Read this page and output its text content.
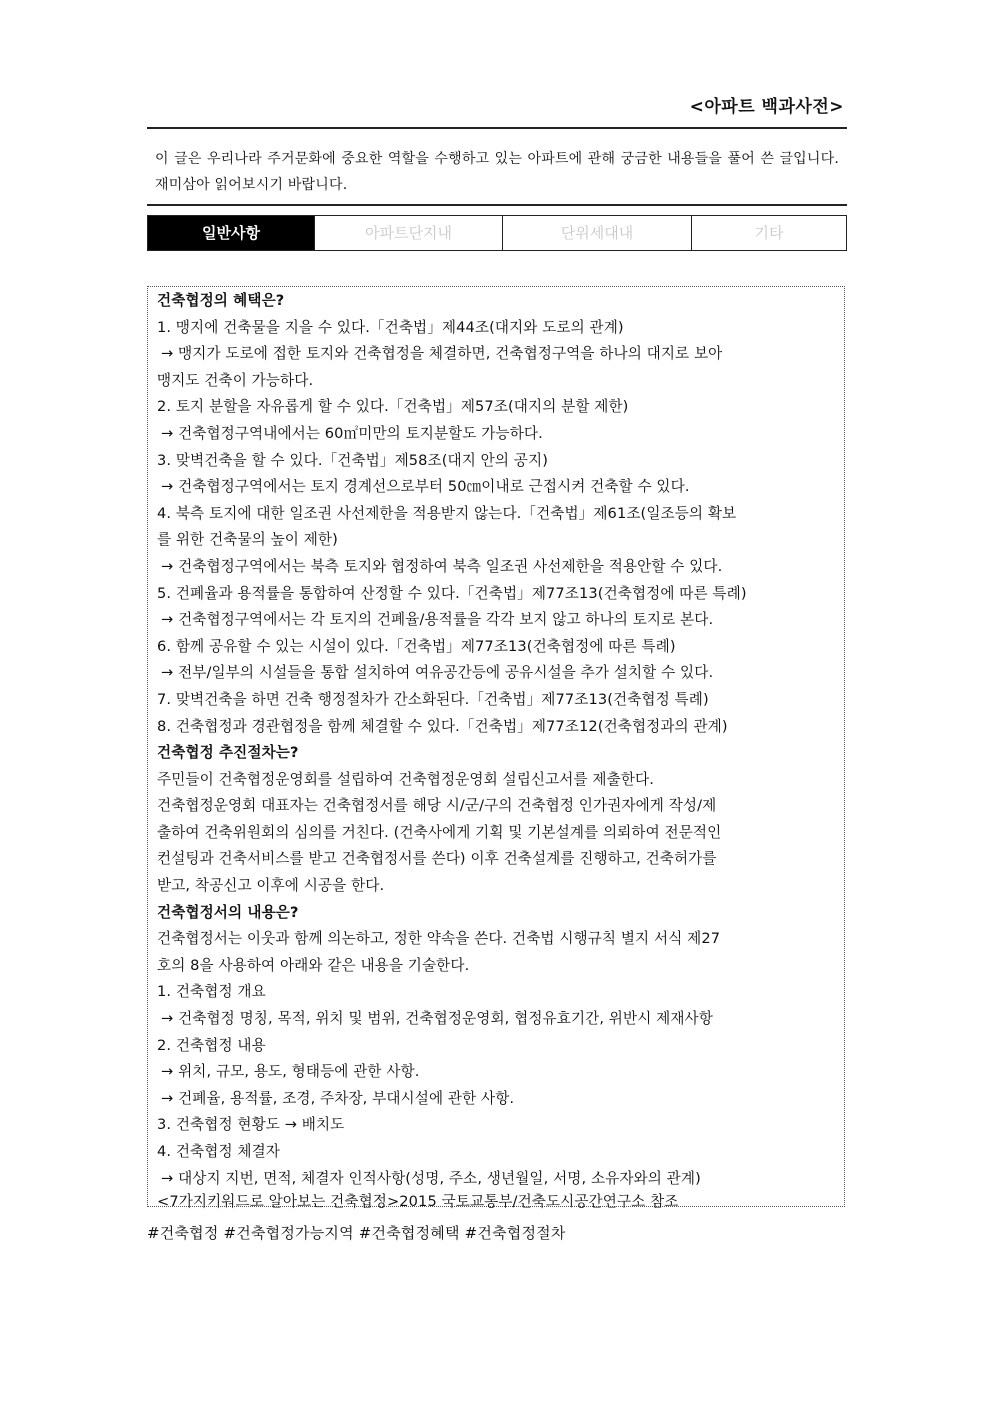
<아파트 백과사전>
이 글은 우리나라 주거문화에 중요한 역할을 수행하고 있는 아파트에 관해 궁금한 내용들을 풀어 쓴 글입니다. 재미삼아 읽어보시기 바랍니다.
일반사항	아파트단지내	단위세대내	기타
건축협정의 혜택은?
1. 맹지에 건축물을 지을 수 있다.「건축법」제44조(대지와 도로의 관계)
→ 맹지가 도로에 접한 토지와 건축협정을 체결하면, 건축협정구역을 하나의 대지로 보아
맹지도 건축이 가능하다.
2. 토지 분할을 자유롭게 할 수 있다.「건축법」제57조(대지의 분할 제한)
→ 건축협정구역내에서는 60㎡미만의 토지분할도 가능하다.
3. 맞벽건축을 할 수 있다.「건축법」제58조(대지 안의 공지)
→ 건축협정구역에서는 토지 경계선으로부터 50㎝이내로 근접시켜 건축할 수 있다.
4. 북측 토지에 대한 일조권 사선제한을 적용받지 않는다.「건축법」제61조(일조등의 확보
를 위한 건축물의 높이 제한)
→ 건축협정구역에서는 북측 토지와 협정하여 북측 일조권 사선제한을 적용안할 수 있다.
5. 건폐율과 용적률을 통합하여 산정할 수 있다.「건축법」제77조13(건축협정에 따른 특례)
→ 건축협정구역에서는 각 토지의 건폐율/용적률을 각각 보지 않고 하나의 토지로 본다.
6. 함께 공유할 수 있는 시설이 있다.「건축법」제77조13(건축협정에 따른 특례)
→ 전부/일부의 시설들을 통합 설치하여 여유공간등에 공유시설을 추가 설치할 수 있다.
7. 맞벽건축을 하면 건축 행정절차가 간소화된다.「건축법」제77조13(건축협정 특례)
8. 건축협정과 경관협정을 함께 체결할 수 있다.「건축법」제77조12(건축협정과의 관계)
건축협정 추진절차는?
주민들이 건축협정운영회를 설립하여 건축협정운영회 설립신고서를 제출한다.
건축협정운영회 대표자는 건축협정서를 해당 시/군/구의 건축협정 인가권자에게 작성/제
출하여 건축위원회의 심의를 거친다. (건축사에게 기획 및 기본설계를 의뢰하여 전문적인
컨설팅과 건축서비스를 받고 건축협정서를 쓴다) 이후 건축설계를 진행하고, 건축허가를
받고, 착공신고 이후에 시공을 한다.
건축협정서의 내용은?
건축협정서는 이웃과 함께 의논하고, 정한 약속을 쓴다. 건축법 시행규칙 별지 서식 제27
호의 8을 사용하여 아래와 같은 내용을 기술한다.
1. 건축협정 개요
→ 건축협정 명칭, 목적, 위치 및 범위, 건축협정운영회, 협정유효기간, 위반시 제재사항
2. 건축협정 내용
→ 위치, 규모, 용도, 형태등에 관한 사항.
→ 건폐율, 용적률, 조경, 주차장, 부대시설에 관한 사항.
3. 건축협정 현황도 → 배치도
4. 건축협정 체결자
→ 대상지 지번, 면적, 체결자 인적사항(성명, 주소, 생년월일, 서명, 소유자와의 관계)
<7가지키워드로 알아보는 건축협정>2015 국토교통부/건축도시공간연구소 참조
#건축협정 #건축협정가능지역 #건축협정혜택 #건축협정절차
